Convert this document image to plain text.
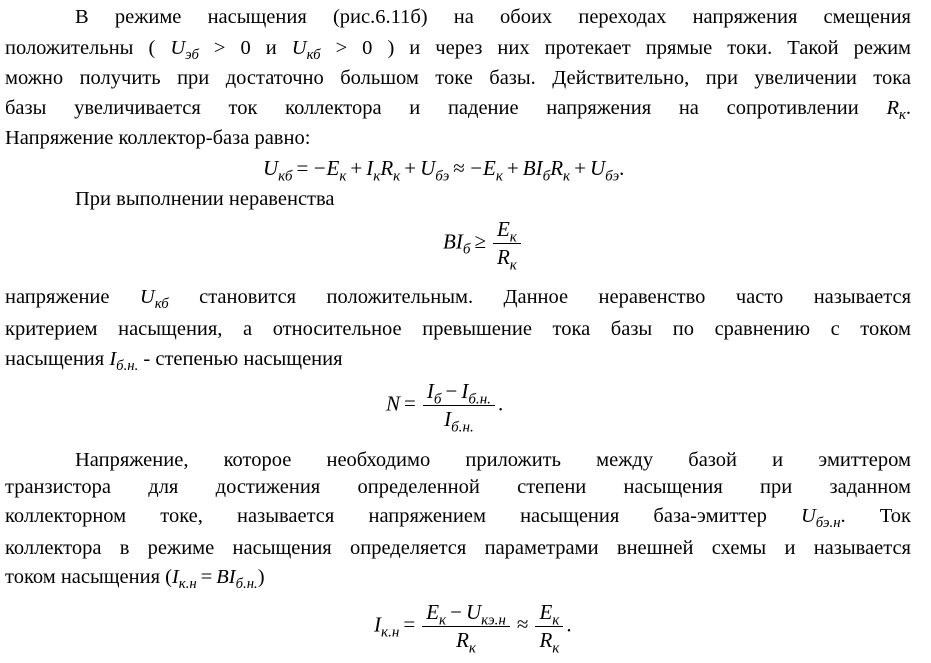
В режиме насыщения (рис.6.11б) на обоих переходах напряжения смещения
положительны ( $U_{эб} > 0$ и $U_{кб} > 0$ ) и через них протекает прямые токи. Такой режим
можно получить при достаточно большом токе базы. Действительно, при увеличении тока
базы увеличивается ток коллектора и падение напряжения на сопротивлении $R_к$.
Напряжение коллектор-база равно:
$U_{кб} = -E_к + I_кR_к + U_{бэ} \approx -E_к + BI_бR_к + U_{бэ}$.
При выполнении неравенства
$BI_б \ge \frac{E_к}{R_к}$
напряжение $U_{кб}$ становится положительным. Данное неравенство часто называется
критерием насыщения, а относительное превышение тока базы по сравнению с током
насыщения $I_{б.н.}$ - степенью насыщения
$N = \frac{I_б - I_{б.н.}}{I_{б.н.}}$ .
Напряжение, которое необходимо приложить между базой и эмиттером
транзистора для достижения определенной степени насыщения при заданном
коллекторном токе, называется напряжением насыщения база-эмиттер $U_{бэ.н}$. Ток
коллектора в режиме насыщения определяется параметрами внешней схемы и называется
током насыщения $(I_{к.н} = BI_{б.н.})$
$I_{к.н} = \frac{E_к - U_{кэ.н}}{R_к} \approx \frac{E_к}{R_к}$ .
